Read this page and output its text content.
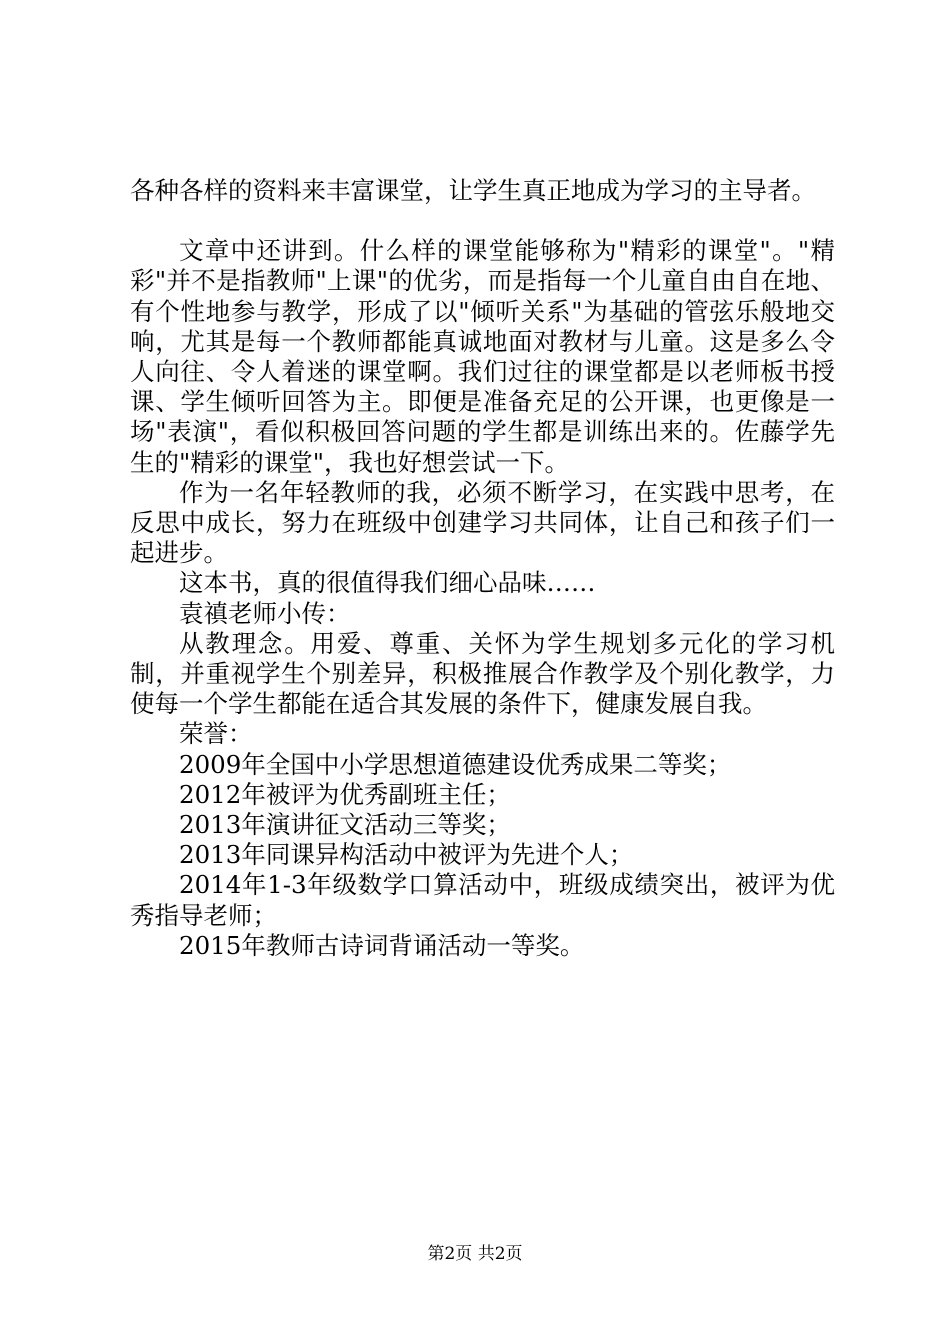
各种各样的资料来丰富课堂，让学生真正地成为学习的主导者。

文章中还讲到。什么样的课堂能够称为"精彩的课堂"。"精彩"并不是指教师"上课"的优劣，而是指每一个儿童自由自在地、有个性地参与教学，形成了以"倾听关系"为基础的管弦乐般地交响，尤其是每一个教师都能真诚地面对教材与儿童。这是多么令人向往、令人着迷的课堂啊。我们过往的课堂都是以老师板书授课、学生倾听回答为主。即便是准备充足的公开课，也更像是一场"表演"，看似积极回答问题的学生都是训练出来的。佐藤学先生的"精彩的课堂"，我也好想尝试一下。

作为一名年轻教师的我，必须不断学习，在实践中思考，在反思中成长，努力在班级中创建学习共同体，让自己和孩子们一起进步。

这本书，真的很值得我们细心品味……

袁禛老师小传：

从教理念。用爱、尊重、关怀为学生规划多元化的学习机制，并重视学生个别差异，积极推展合作教学及个别化教学，力使每一个学生都能在适合其发展的条件下，健康发展自我。

荣誉：

2009年全国中小学思想道德建设优秀成果二等奖；

2012年被评为优秀副班主任；

2013年演讲征文活动三等奖；

2013年同课异构活动中被评为先进个人；

2014年1-3年级数学口算活动中，班级成绩突出，被评为优秀指导老师；

2015年教师古诗词背诵活动一等奖。

第2页 共2页
